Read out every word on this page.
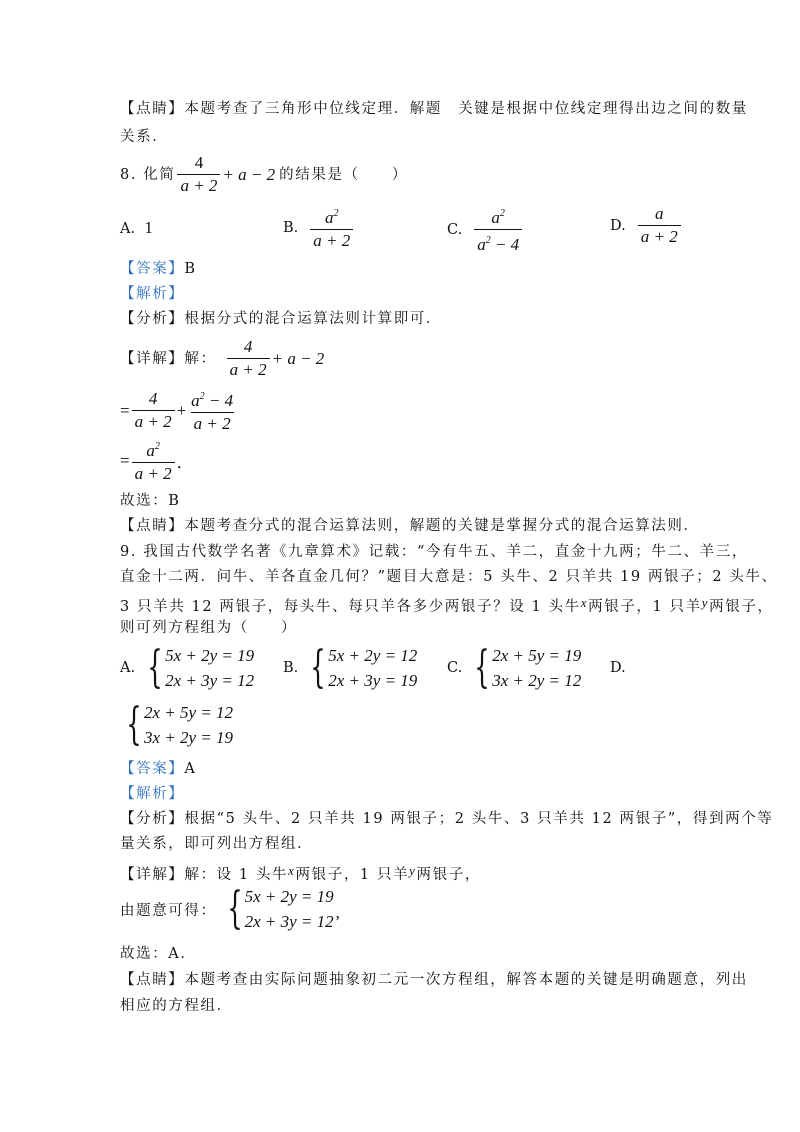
【点睛】本题考查了三角形中位线定理．解题　关键是根据中位线定理得出边之间的数量
关系．
8. 化简 $\frac{4}{a + 2} + a - 2$ 的结果是（　　）
A. 1	B. $\frac{a^2}{a + 2}$	C. $\frac{a^2}{a^2 - 4}$	D. $\frac{a}{a + 2}$
【答案】B
【解析】
【分析】根据分式的混合运算法则计算即可．
【详解】 解： $\frac{4}{a + 2} + a - 2$
= $\frac{4}{a + 2} + \frac{a^2 - 4}{a + 2}$
= $\frac{a^2}{a + 2}$ ．
故选：B
【点睛】本题考查分式的混合运算法则，解题的关键是掌握分式的混合运算法则．
9. 我国古代数学名著《九章算术》记载：“今有牛五、羊二，直金十九两；牛二、羊三，
直金十二两．问牛、羊各直金几何？”题目大意是：5 头牛、2 只羊共 19 两银子；2 头牛、
3 只羊共 12 两银子，每头牛、每只羊各多少两银子？设 1 头牛x两银子，1 只羊y两银子，
则可列方程组为（　　）
A. { 5x + 2y = 19
2x + 3y = 12
B. { 5x + 2y = 12
2x + 3y = 19
C. { 2x + 5y = 19
3x + 2y = 12
D.
{ 2x + 5y = 12
3x + 2y = 19
【答案】A
【解析】
【分析】根据“5 头牛、2 只羊共 19 两银子；2 头牛、3 只羊共 12 两银子”，得到两个等
量关系，即可列出方程组．
【详解】解：设 1 头牛x两银子，1 只羊y两银子，
由题意可得： { 5x + 2y = 19
2x + 3y = 12’
故选：A．
【点睛】本题考查由实际问题抽象初二元一次方程组，解答本题的关键是明确题意，列出
相应的方程组．
